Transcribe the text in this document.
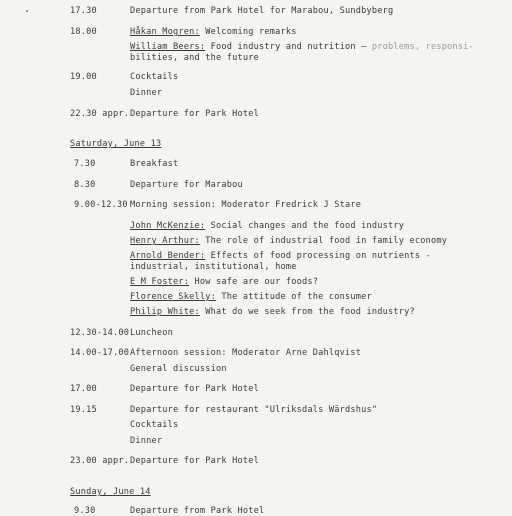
17.30	Departure from Park Hotel for Marabou, Sundbyberg
18.00	Håkan Mogren: Welcoming remarks
William Beers: Food industry and nutrition – problems, responsi-
bilities, and the future
19.00	Cocktails
Dinner
22.30 appr. Departure for Park Hotel
Saturday, June 13
7.30	Breakfast
8.30	Departure for Marabou
9.00-12.30 Morning session: Moderator Fredrick J Stare
John McKenzie: Social changes and the food industry
Henry Arthur: The role of industrial food in family economy
Arnold Bender: Effects of food processing on nutrients -
industrial, institutional, home
E M Foster: How safe are our foods?
Florence Skelly: The attitude of the consumer
Philip White: What do we seek from the food industry?
12.30-14.00 Luncheon
14.00-17.00 Afternoon session: Moderator Arne Dahlqvist
General discussion
17.00	Departure for Park Hotel
19.15	Departure for restaurant "Ulriksdals Wärdshus"
Cocktails
Dinner
23.00 appr. Departure for Park Hotel
Sunday, June 14
9.30	Departure from Park Hotel
